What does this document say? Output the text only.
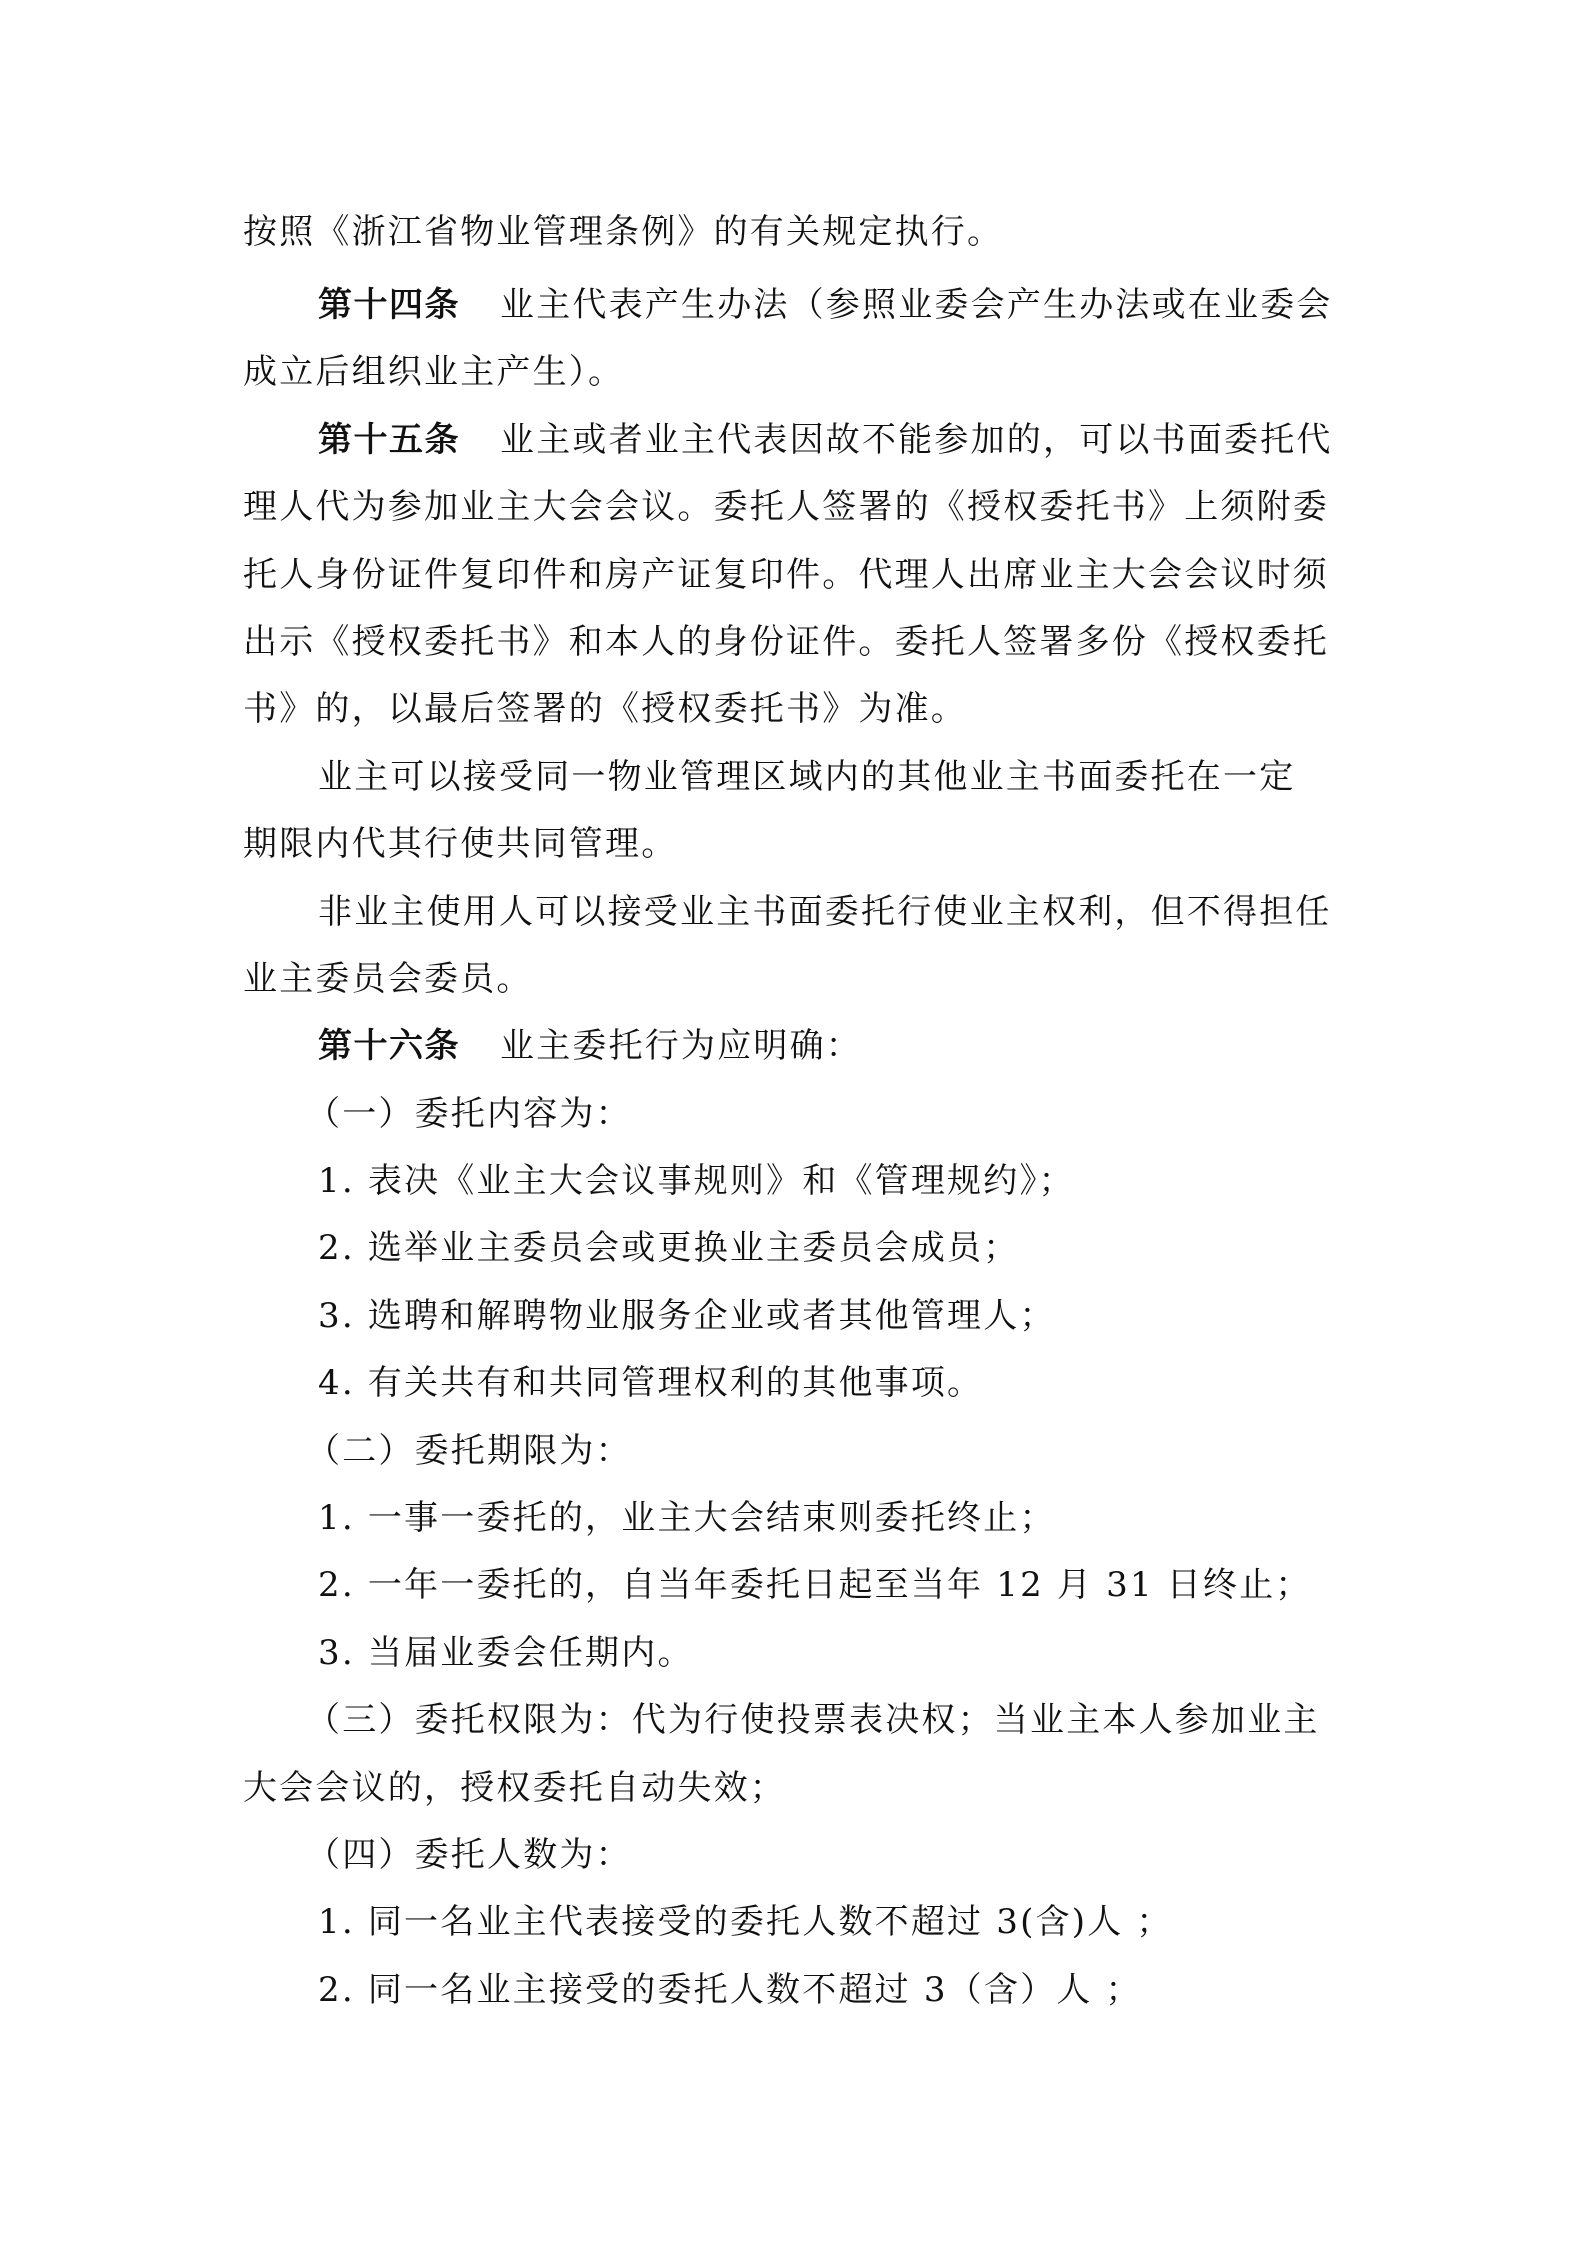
按照《浙江省物业管理条例》的有关规定执行。
第十四条 业主代表产生办法（参照业委会产生办法或在业委会
成立后组织业主产生）。
第十五条 业主或者业主代表因故不能参加的，可以书面委托代
理人代为参加业主大会会议。委托人签署的《授权委托书》上须附委
托人身份证件复印件和房产证复印件。代理人出席业主大会会议时须
出示《授权委托书》和本人的身份证件。委托人签署多份《授权委托
书》的，以最后签署的《授权委托书》为准。
业主可以接受同一物业管理区域内的其他业主书面委托在一定
期限内代其行使共同管理。
非业主使用人可以接受业主书面委托行使业主权利，但不得担任
业主委员会委员。
第十六条 业主委托行为应明确：
（一）委托内容为：
1. 表决《业主大会议事规则》和《管理规约》；
2. 选举业主委员会或更换业主委员会成员；
3. 选聘和解聘物业服务企业或者其他管理人；
4. 有关共有和共同管理权利的其他事项。
（二）委托期限为：
1. 一事一委托的，业主大会结束则委托终止；
2. 一年一委托的，自当年委托日起至当年 12 月 31 日终止；
3. 当届业委会任期内。
（三）委托权限为：代为行使投票表决权；当业主本人参加业主
大会会议的，授权委托自动失效；
（四）委托人数为：
1. 同一名业主代表接受的委托人数不超过 3(含)人 ；
2. 同一名业主接受的委托人数不超过 3（含）人 ；
